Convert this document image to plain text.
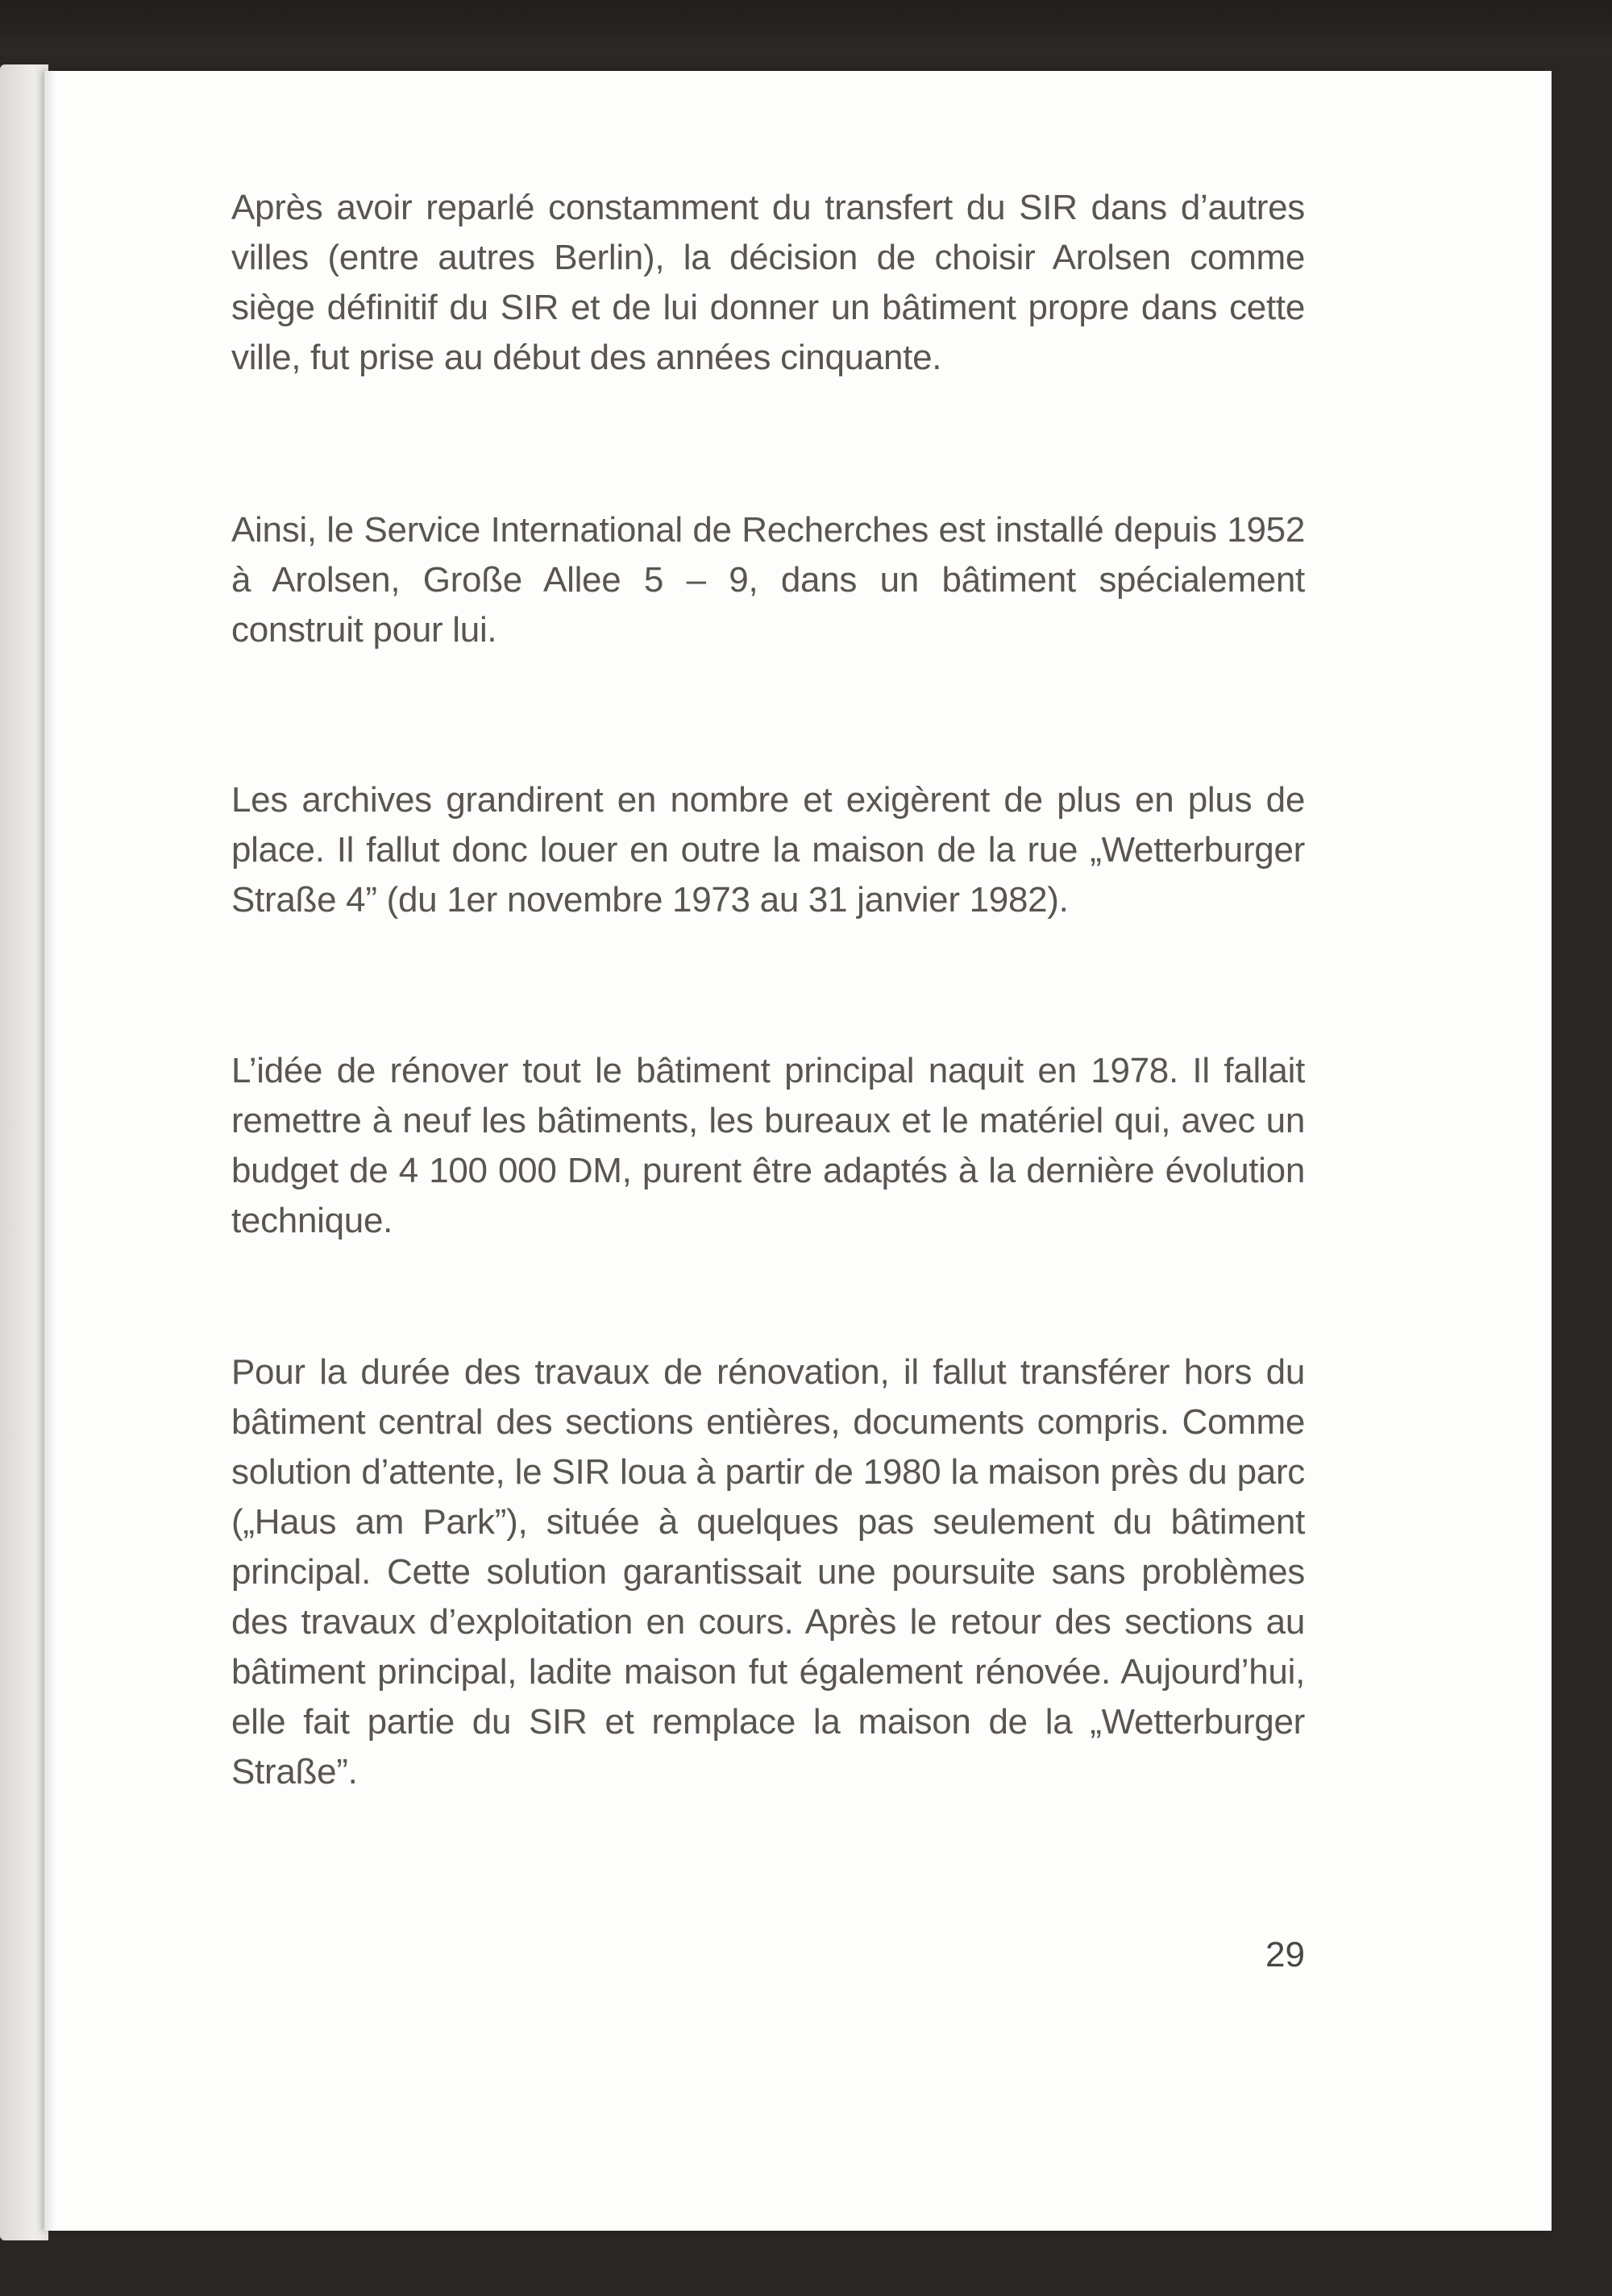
Après avoir reparlé constamment du transfert du SIR dans d’autres villes (entre autres Berlin), la décision de choisir Arolsen comme siège définitif du SIR et de lui donner un bâtiment propre dans cette ville, fut prise au début des années cinquante.

Ainsi, le Service International de Recherches est installé depuis 1952 à Arolsen, Große Allee 5 – 9, dans un bâtiment spécialement construit pour lui.

Les archives grandirent en nombre et exigèrent de plus en plus de place. Il fallut donc louer en outre la maison de la rue „Wetterburger Straße 4” (du 1er novembre 1973 au 31 janvier 1982).

L’idée de rénover tout le bâtiment principal naquit en 1978. Il fallait remettre à neuf les bâtiments, les bureaux et le matériel qui, avec un budget de 4 100 000 DM, purent être adaptés à la dernière évolution technique.

Pour la durée des travaux de rénovation, il fallut transférer hors du bâtiment central des sections entières, documents compris. Comme solution d’attente, le SIR loua à partir de 1980 la maison près du parc („Haus am Park”), située à quelques pas seulement du bâtiment principal. Cette solution garantissait une poursuite sans problèmes des travaux d’exploitation en cours. Après le retour des sections au bâtiment principal, ladite maison fut également rénovée. Aujourd’hui, elle fait partie du SIR et remplace la maison de la „Wetterburger Straße”.

29
